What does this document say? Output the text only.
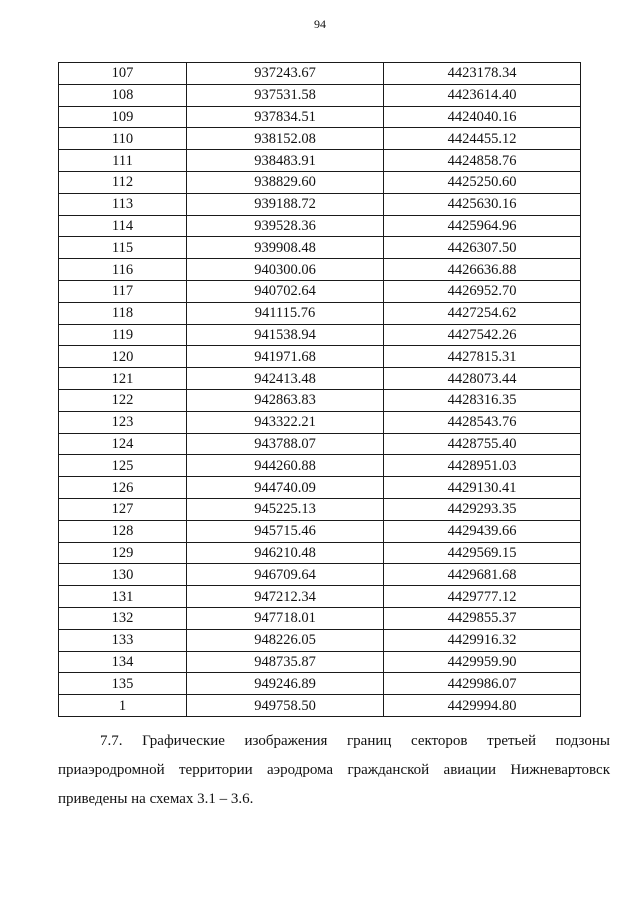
94
107	937243.67	4423178.34
108	937531.58	4423614.40
109	937834.51	4424040.16
110	938152.08	4424455.12
111	938483.91	4424858.76
112	938829.60	4425250.60
113	939188.72	4425630.16
114	939528.36	4425964.96
115	939908.48	4426307.50
116	940300.06	4426636.88
117	940702.64	4426952.70
118	941115.76	4427254.62
119	941538.94	4427542.26
120	941971.68	4427815.31
121	942413.48	4428073.44
122	942863.83	4428316.35
123	943322.21	4428543.76
124	943788.07	4428755.40
125	944260.88	4428951.03
126	944740.09	4429130.41
127	945225.13	4429293.35
128	945715.46	4429439.66
129	946210.48	4429569.15
130	946709.64	4429681.68
131	947212.34	4429777.12
132	947718.01	4429855.37
133	948226.05	4429916.32
134	948735.87	4429959.90
135	949246.89	4429986.07
1	949758.50	4429994.80
7.7. Графические изображения границ секторов третьей подзоны
приаэродромной территории аэродрома гражданской авиации Нижневартовск
приведены на схемах 3.1 – 3.6.
